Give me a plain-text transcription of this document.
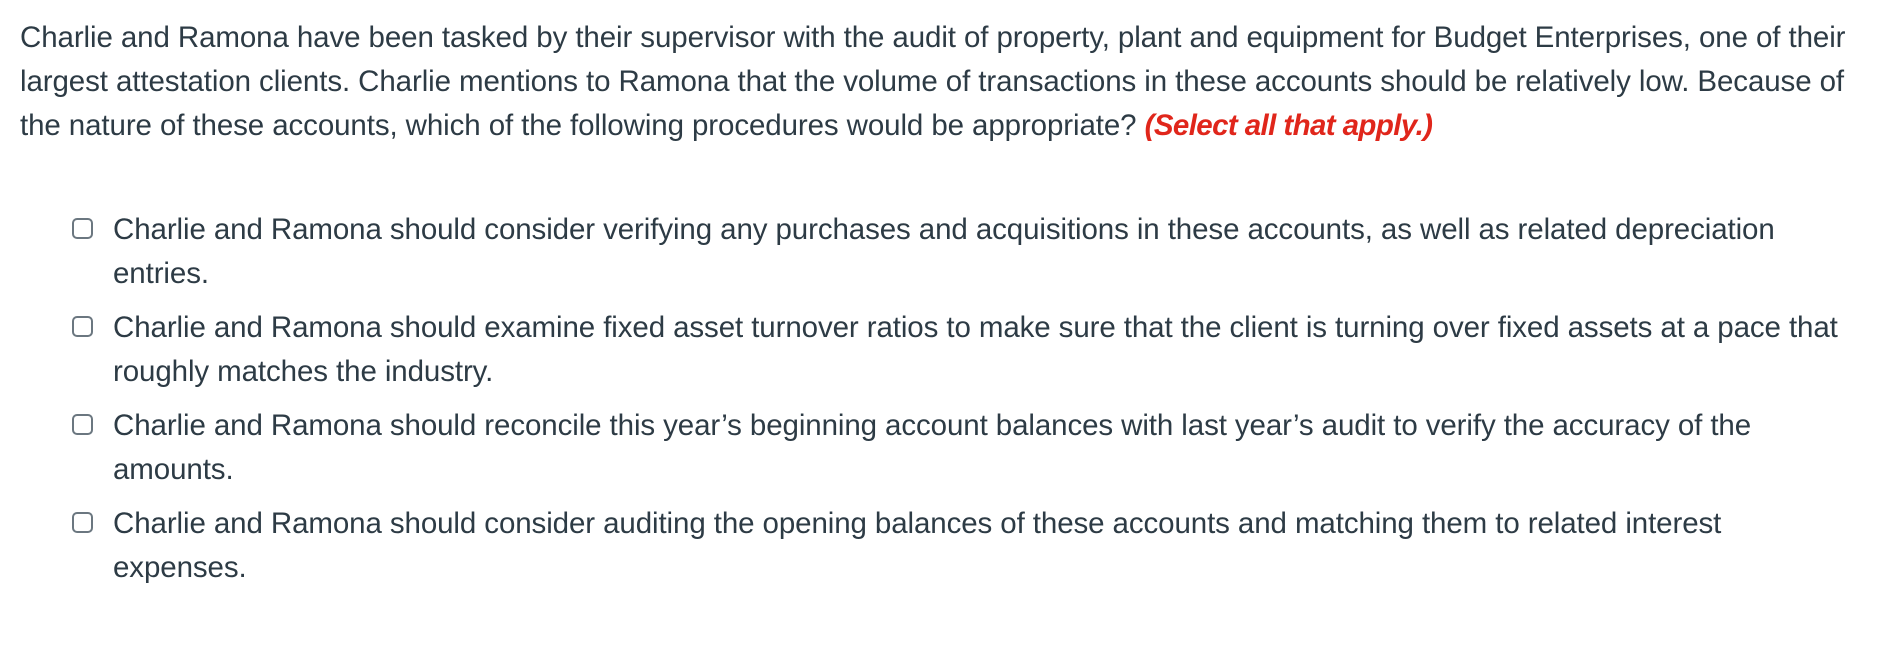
Charlie and Ramona have been tasked by their supervisor with the audit of property, plant and equipment for Budget Enterprises, one of their largest attestation clients. Charlie mentions to Ramona that the volume of transactions in these accounts should be relatively low. Because of the nature of these accounts, which of the following procedures would be appropriate? (Select all that apply.)
Charlie and Ramona should consider verifying any purchases and acquisitions in these accounts, as well as related depreciation entries.
Charlie and Ramona should examine fixed asset turnover ratios to make sure that the client is turning over fixed assets at a pace that roughly matches the industry.
Charlie and Ramona should reconcile this year’s beginning account balances with last year’s audit to verify the accuracy of the amounts.
Charlie and Ramona should consider auditing the opening balances of these accounts and matching them to related interest expenses.
